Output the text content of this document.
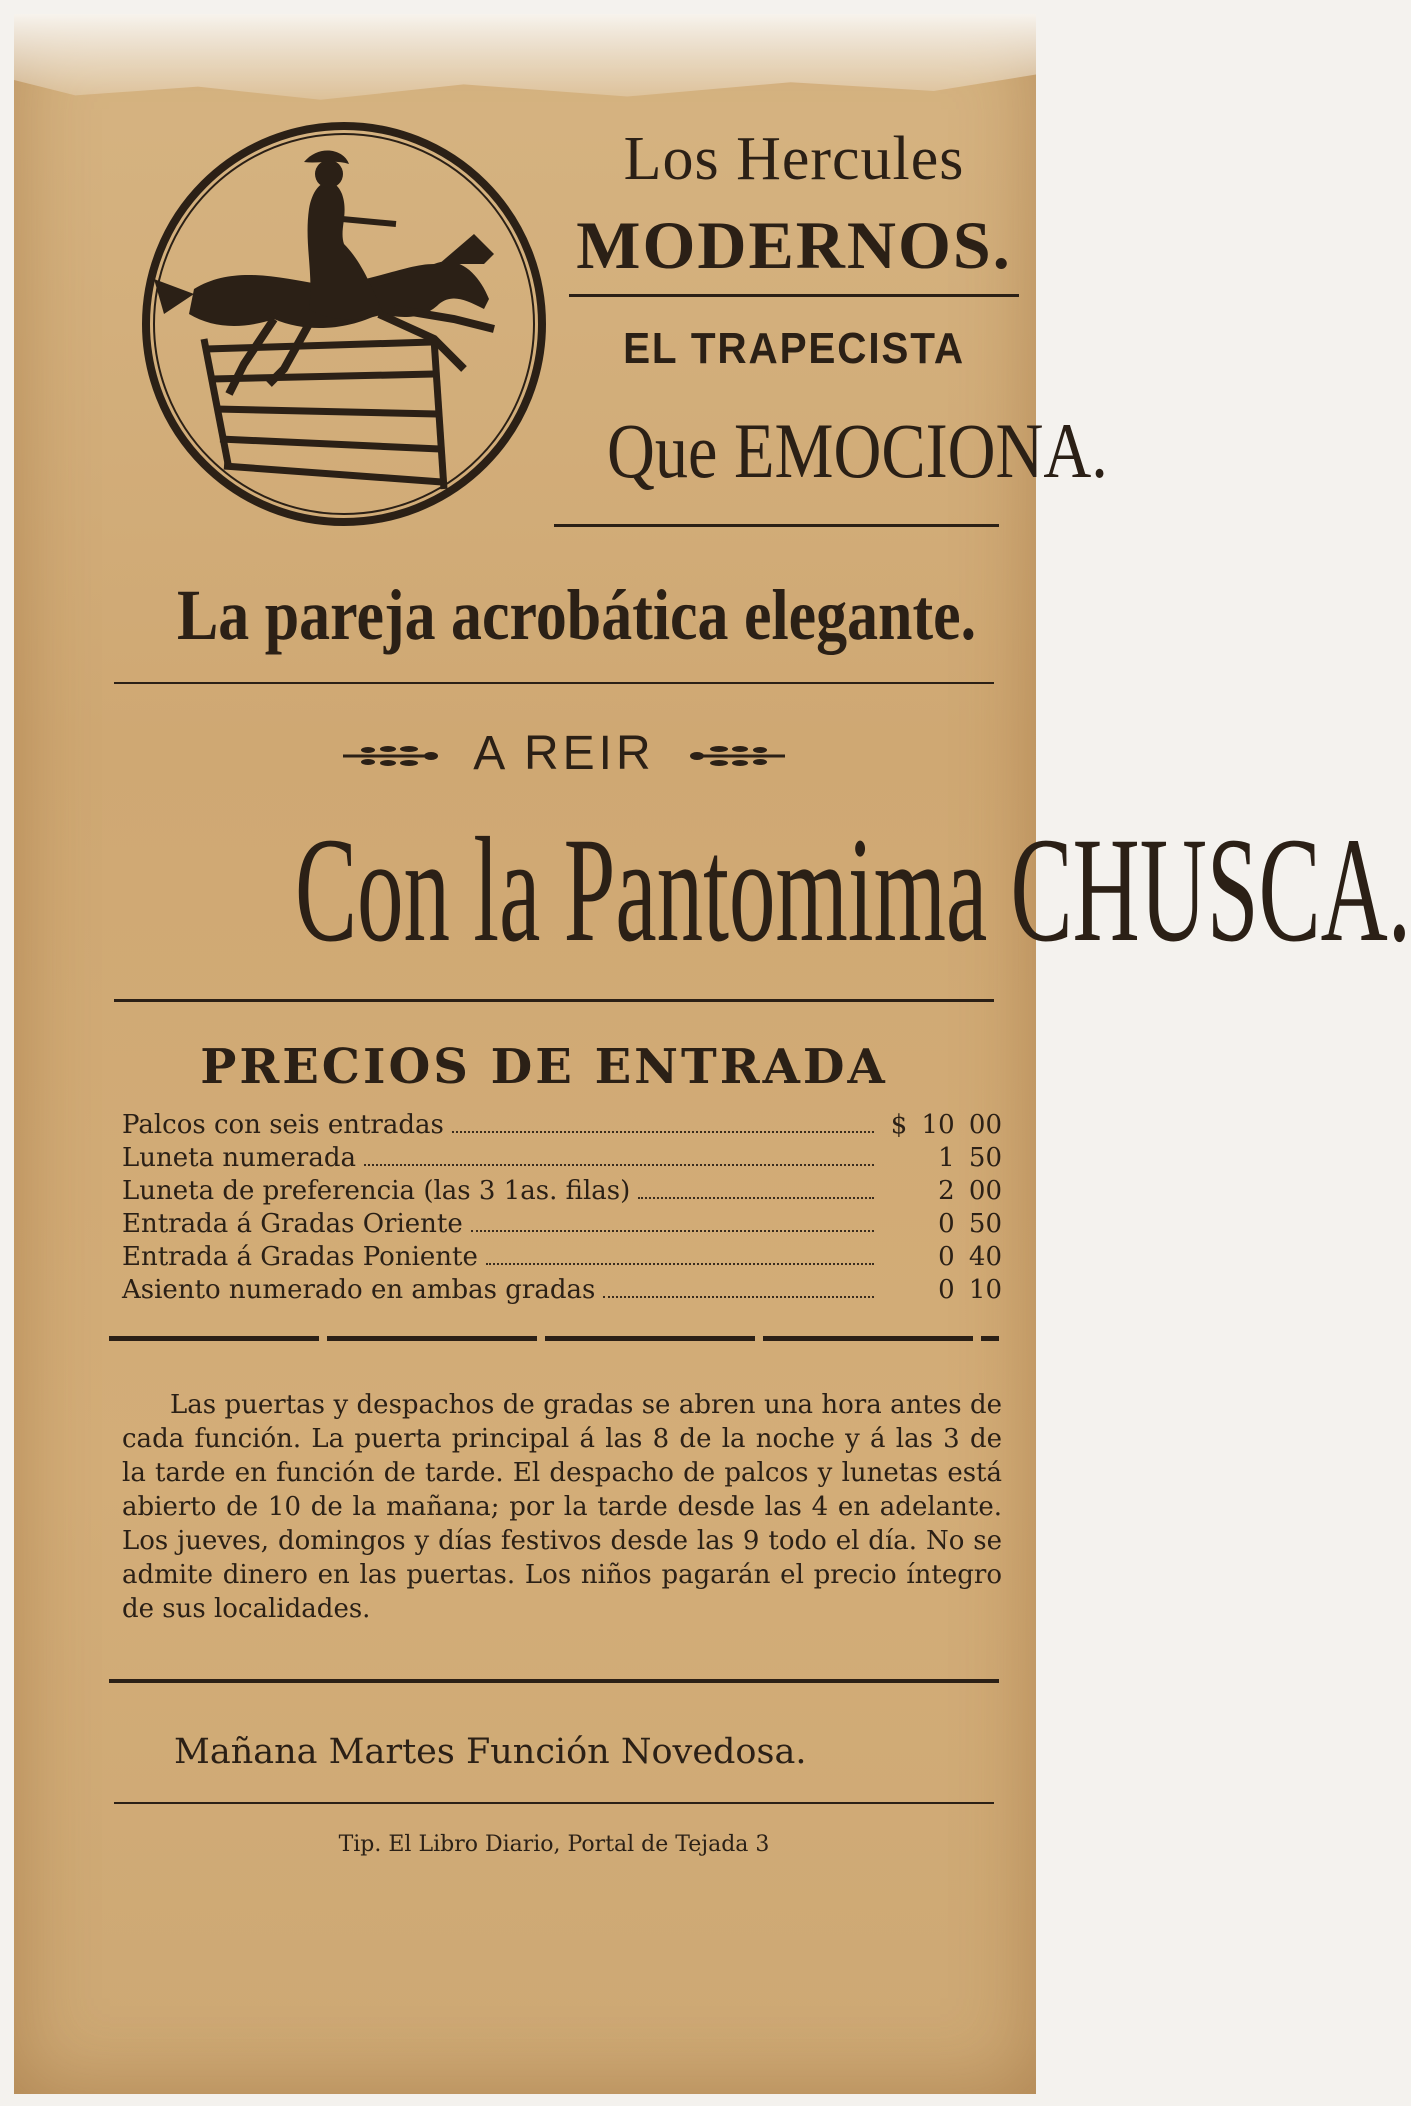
Los Hercules
MODERNOS.
EL TRAPECISTA
Que EMOCIONA.
La pareja acrobática elegante.
A REIR
Con la Pantomima CHUSCA.
PRECIOS DE ENTRADA
Palcos con seis entradas	$ 10 00
Luneta numerada	1 50
Luneta de preferencia (las 3 1as. filas)	2 00
Entrada á Gradas Oriente	0 50
Entrada á Gradas Poniente	0 40
Asiento numerado en ambas gradas	0 10
Las puertas y despachos de gradas se abren una hora antes de cada función. La puerta principal á las 8 de la noche y á las 3 de la tarde en función de tarde. El despacho de palcos y lunetas está abierto de 10 de la mañana; por la tarde desde las 4 en adelante. Los jueves, domingos y días festivos desde las 9 todo el día. No se admite dinero en las puertas. Los niños pagarán el precio íntegro de sus localidades.
Mañana Martes Función Novedosa.
Tip. El Libro Diario, Portal de Tejada 3
